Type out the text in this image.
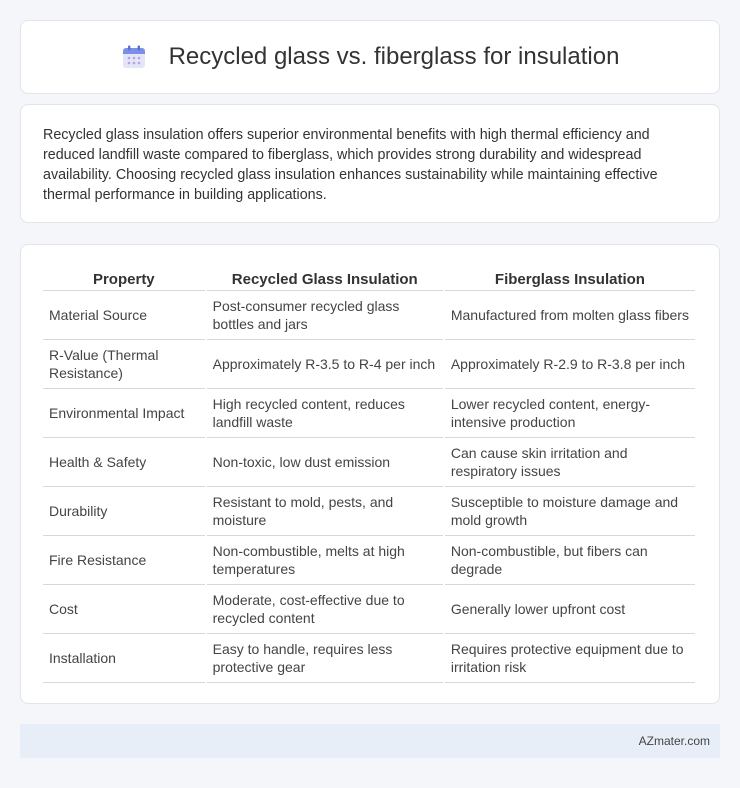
Recycled glass vs. fiberglass for insulation

Recycled glass insulation offers superior environmental benefits with high thermal efficiency and reduced landfill waste compared to fiberglass, which provides strong durability and widespread availability. Choosing recycled glass insulation enhances sustainability while maintaining effective thermal performance in building applications.

Property	Recycled Glass Insulation	Fiberglass Insulation
Material Source	Post-consumer recycled glass bottles and jars	Manufactured from molten glass fibers
R-Value (Thermal Resistance)	Approximately R-3.5 to R-4 per inch	Approximately R-2.9 to R-3.8 per inch
Environmental Impact	High recycled content, reduces landfill waste	Lower recycled content, energy-intensive production
Health & Safety	Non-toxic, low dust emission	Can cause skin irritation and respiratory issues
Durability	Resistant to mold, pests, and moisture	Susceptible to moisture damage and mold growth
Fire Resistance	Non-combustible, melts at high temperatures	Non-combustible, but fibers can degrade
Cost	Moderate, cost-effective due to recycled content	Generally lower upfront cost
Installation	Easy to handle, requires less protective gear	Requires protective equipment due to irritation risk
AZmater.com
